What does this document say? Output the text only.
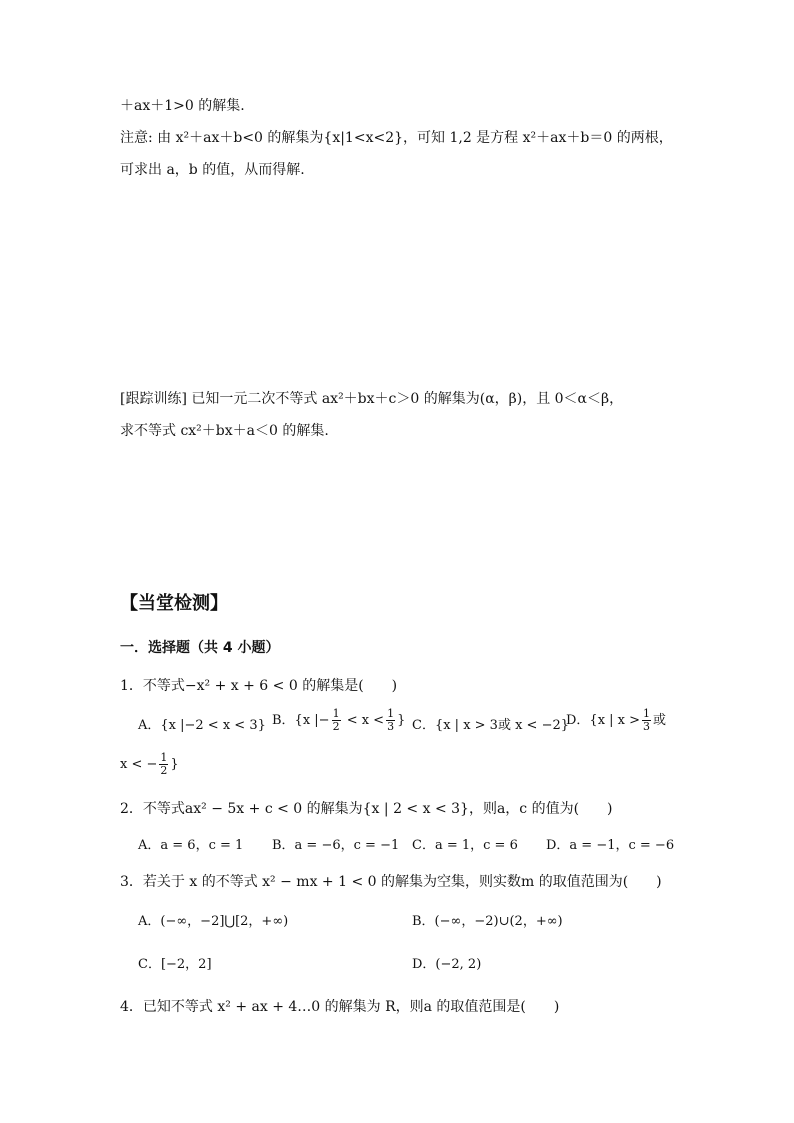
＋ax＋1>0 的解集.
注意: 由 x²＋ax＋b<0 的解集为{x|1<x<2}，可知 1,2 是方程 x²＋ax＋b＝0 的两根，
可求出 a，b 的值，从而得解.
[跟踪训练] 已知一元二次不等式 ax²＋bx＋c＞0 的解集为(α，β)，且 0＜α＜β，
求不等式 cx²＋bx＋a＜0 的解集.
【当堂检测】
一．选择题（共 4 小题）
1．不等式−x² + x + 6 < 0 的解集是(　　)
A．{x |−2 < x < 3} B．{x |− $\frac{1}{2} < x < \frac{1}{3}$ } C．{x | x > 3或 x < −2}
D．{x | $x > \frac{1}{3}$ 或
x < − $\frac{1}{2}$ }
2．不等式ax² − 5x + c < 0 的解集为{x | 2 < x < 3}，则a，c 的值为(　　)
A．a = 6，c = 1 B．a = −6，c = −1 C．a = 1，c = 6 D．a = −1，c = −6
3．若关于 x 的不等式 x² − mx + 1 < 0 的解集为空集，则实数m 的取值范围为(　　)
A．(−∞，−2]⋃[2，+∞)	B．(−∞，−2)∪(2，+∞)
C．[−2，2]	D．(−2, 2)
4．已知不等式 x² + ax + 4…0 的解集为 R，则a 的取值范围是(　　)
